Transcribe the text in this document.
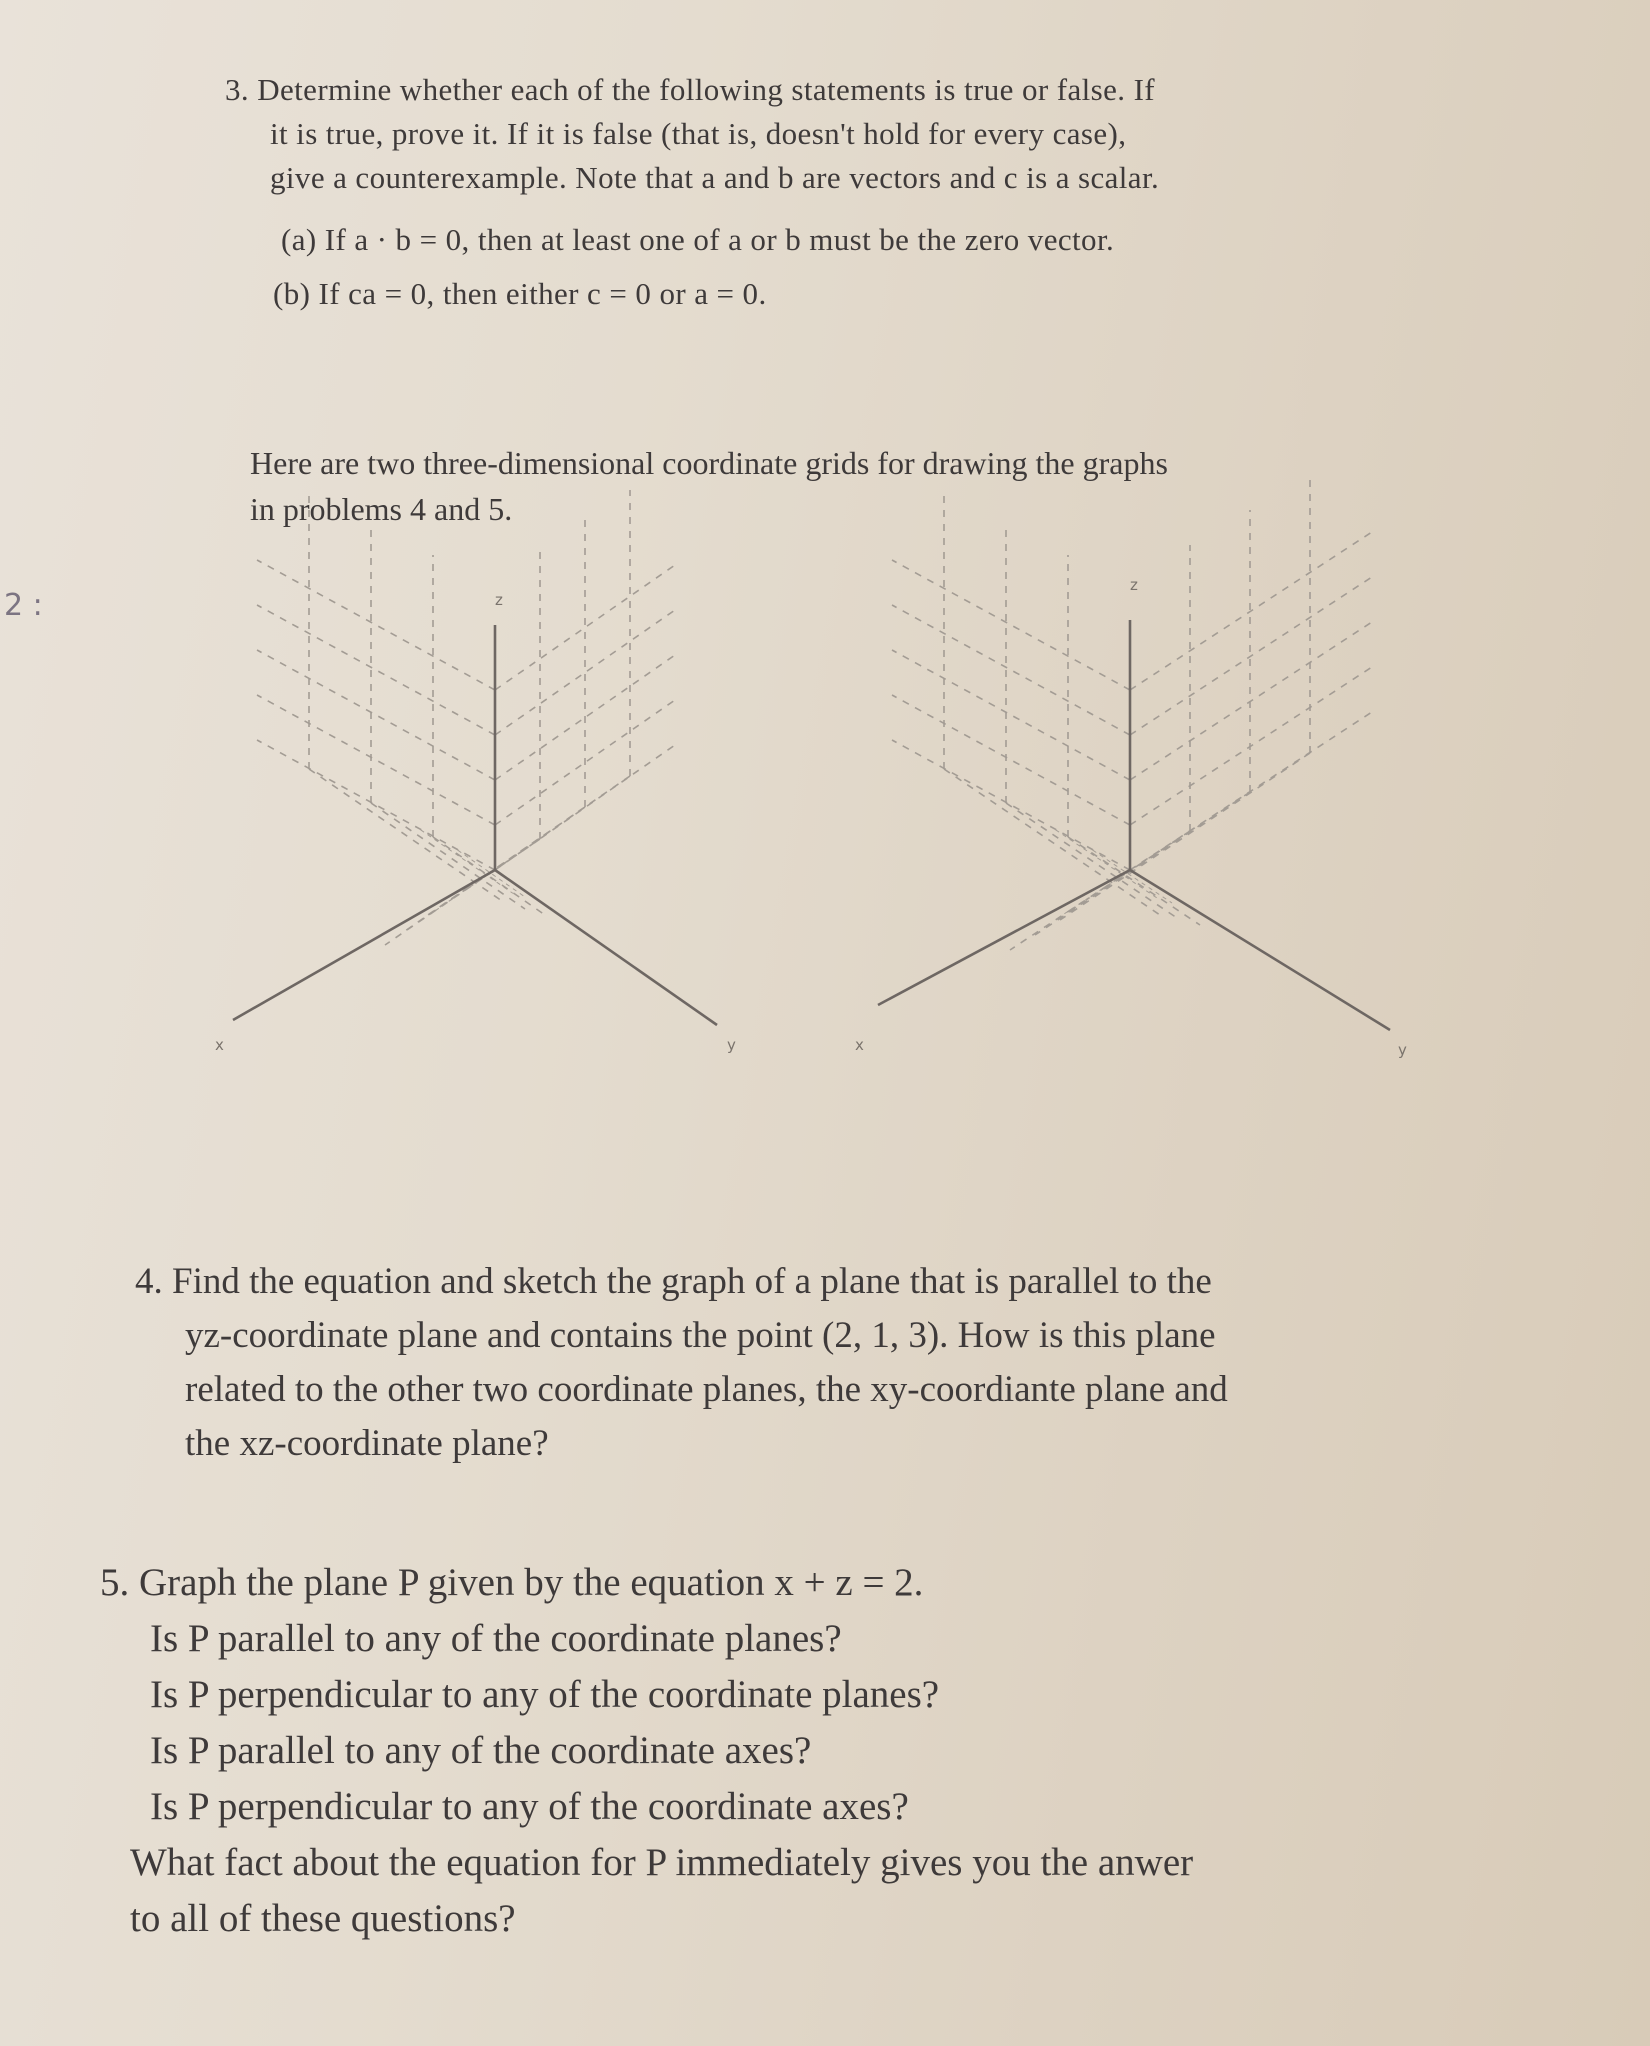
2 :
3. Determine whether each of the following statements is true or false. If
it is true, prove it. If it is false (that is, doesn't hold for every case),
give a counterexample. Note that a and b are vectors and c is a scalar.
(a) If a · b = 0, then at least one of a or b must be the zero vector.
(b) If ca = 0, then either c = 0 or a = 0.
Here are two three-dimensional coordinate grids for drawing the graphs
in problems 4 and 5.
z
x	y
z
x	y
4. Find the equation and sketch the graph of a plane that is parallel to the
yz-coordinate plane and contains the point (2, 1, 3). How is this plane
related to the other two coordinate planes, the xy-coordiante plane and
the xz-coordinate plane?
5. Graph the plane P given by the equation x + z = 2.
Is P parallel to any of the coordinate planes?
Is P perpendicular to any of the coordinate planes?
Is P parallel to any of the coordinate axes?
Is P perpendicular to any of the coordinate axes?
What fact about the equation for P immediately gives you the anwer
to all of these questions?
